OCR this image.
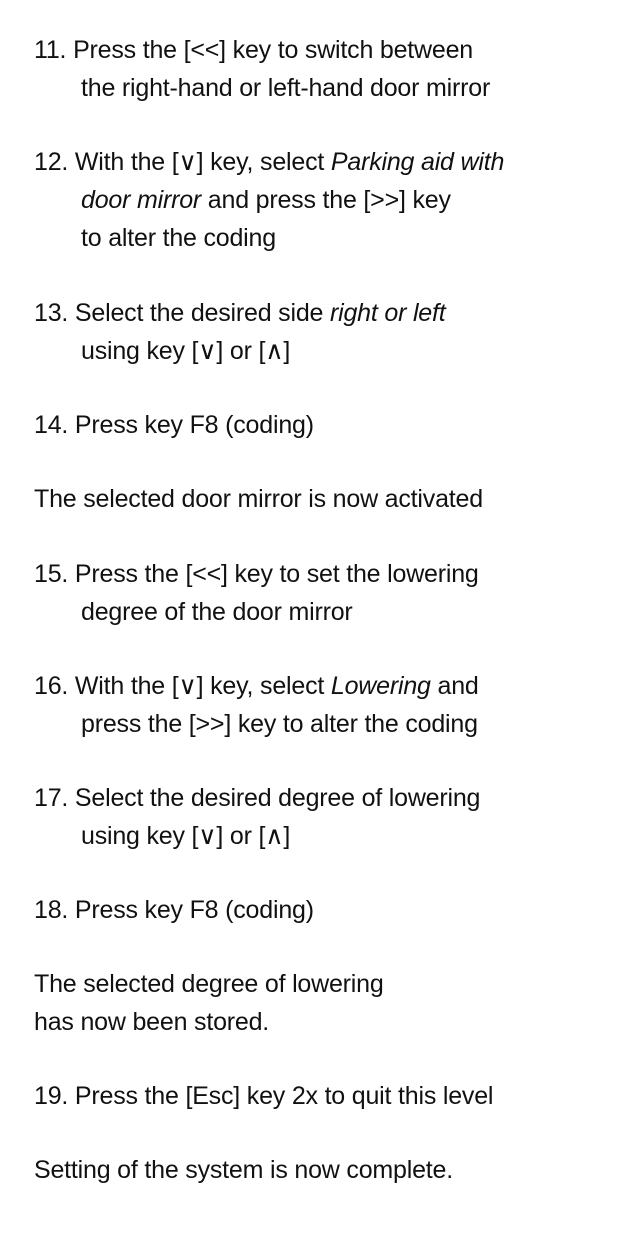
11. Press the [<<] key to switch between
the right-hand or left-hand door mirror
12. With the [∨] key, select Parking aid with
door mirror and press the [>>] key
to alter the coding
13. Select the desired side right or left
using key [∨] or [∧]
14. Press key F8 (coding)
The selected door mirror is now activated
15. Press the [<<] key to set the lowering
degree of the door mirror
16. With the [∨] key, select Lowering and
press the [>>] key to alter the coding
17. Select the desired degree of lowering
using key [∨] or [∧]
18. Press key F8 (coding)
The selected degree of lowering
has now been stored.
19. Press the [Esc] key 2x to quit this level
Setting of the system is now complete.
